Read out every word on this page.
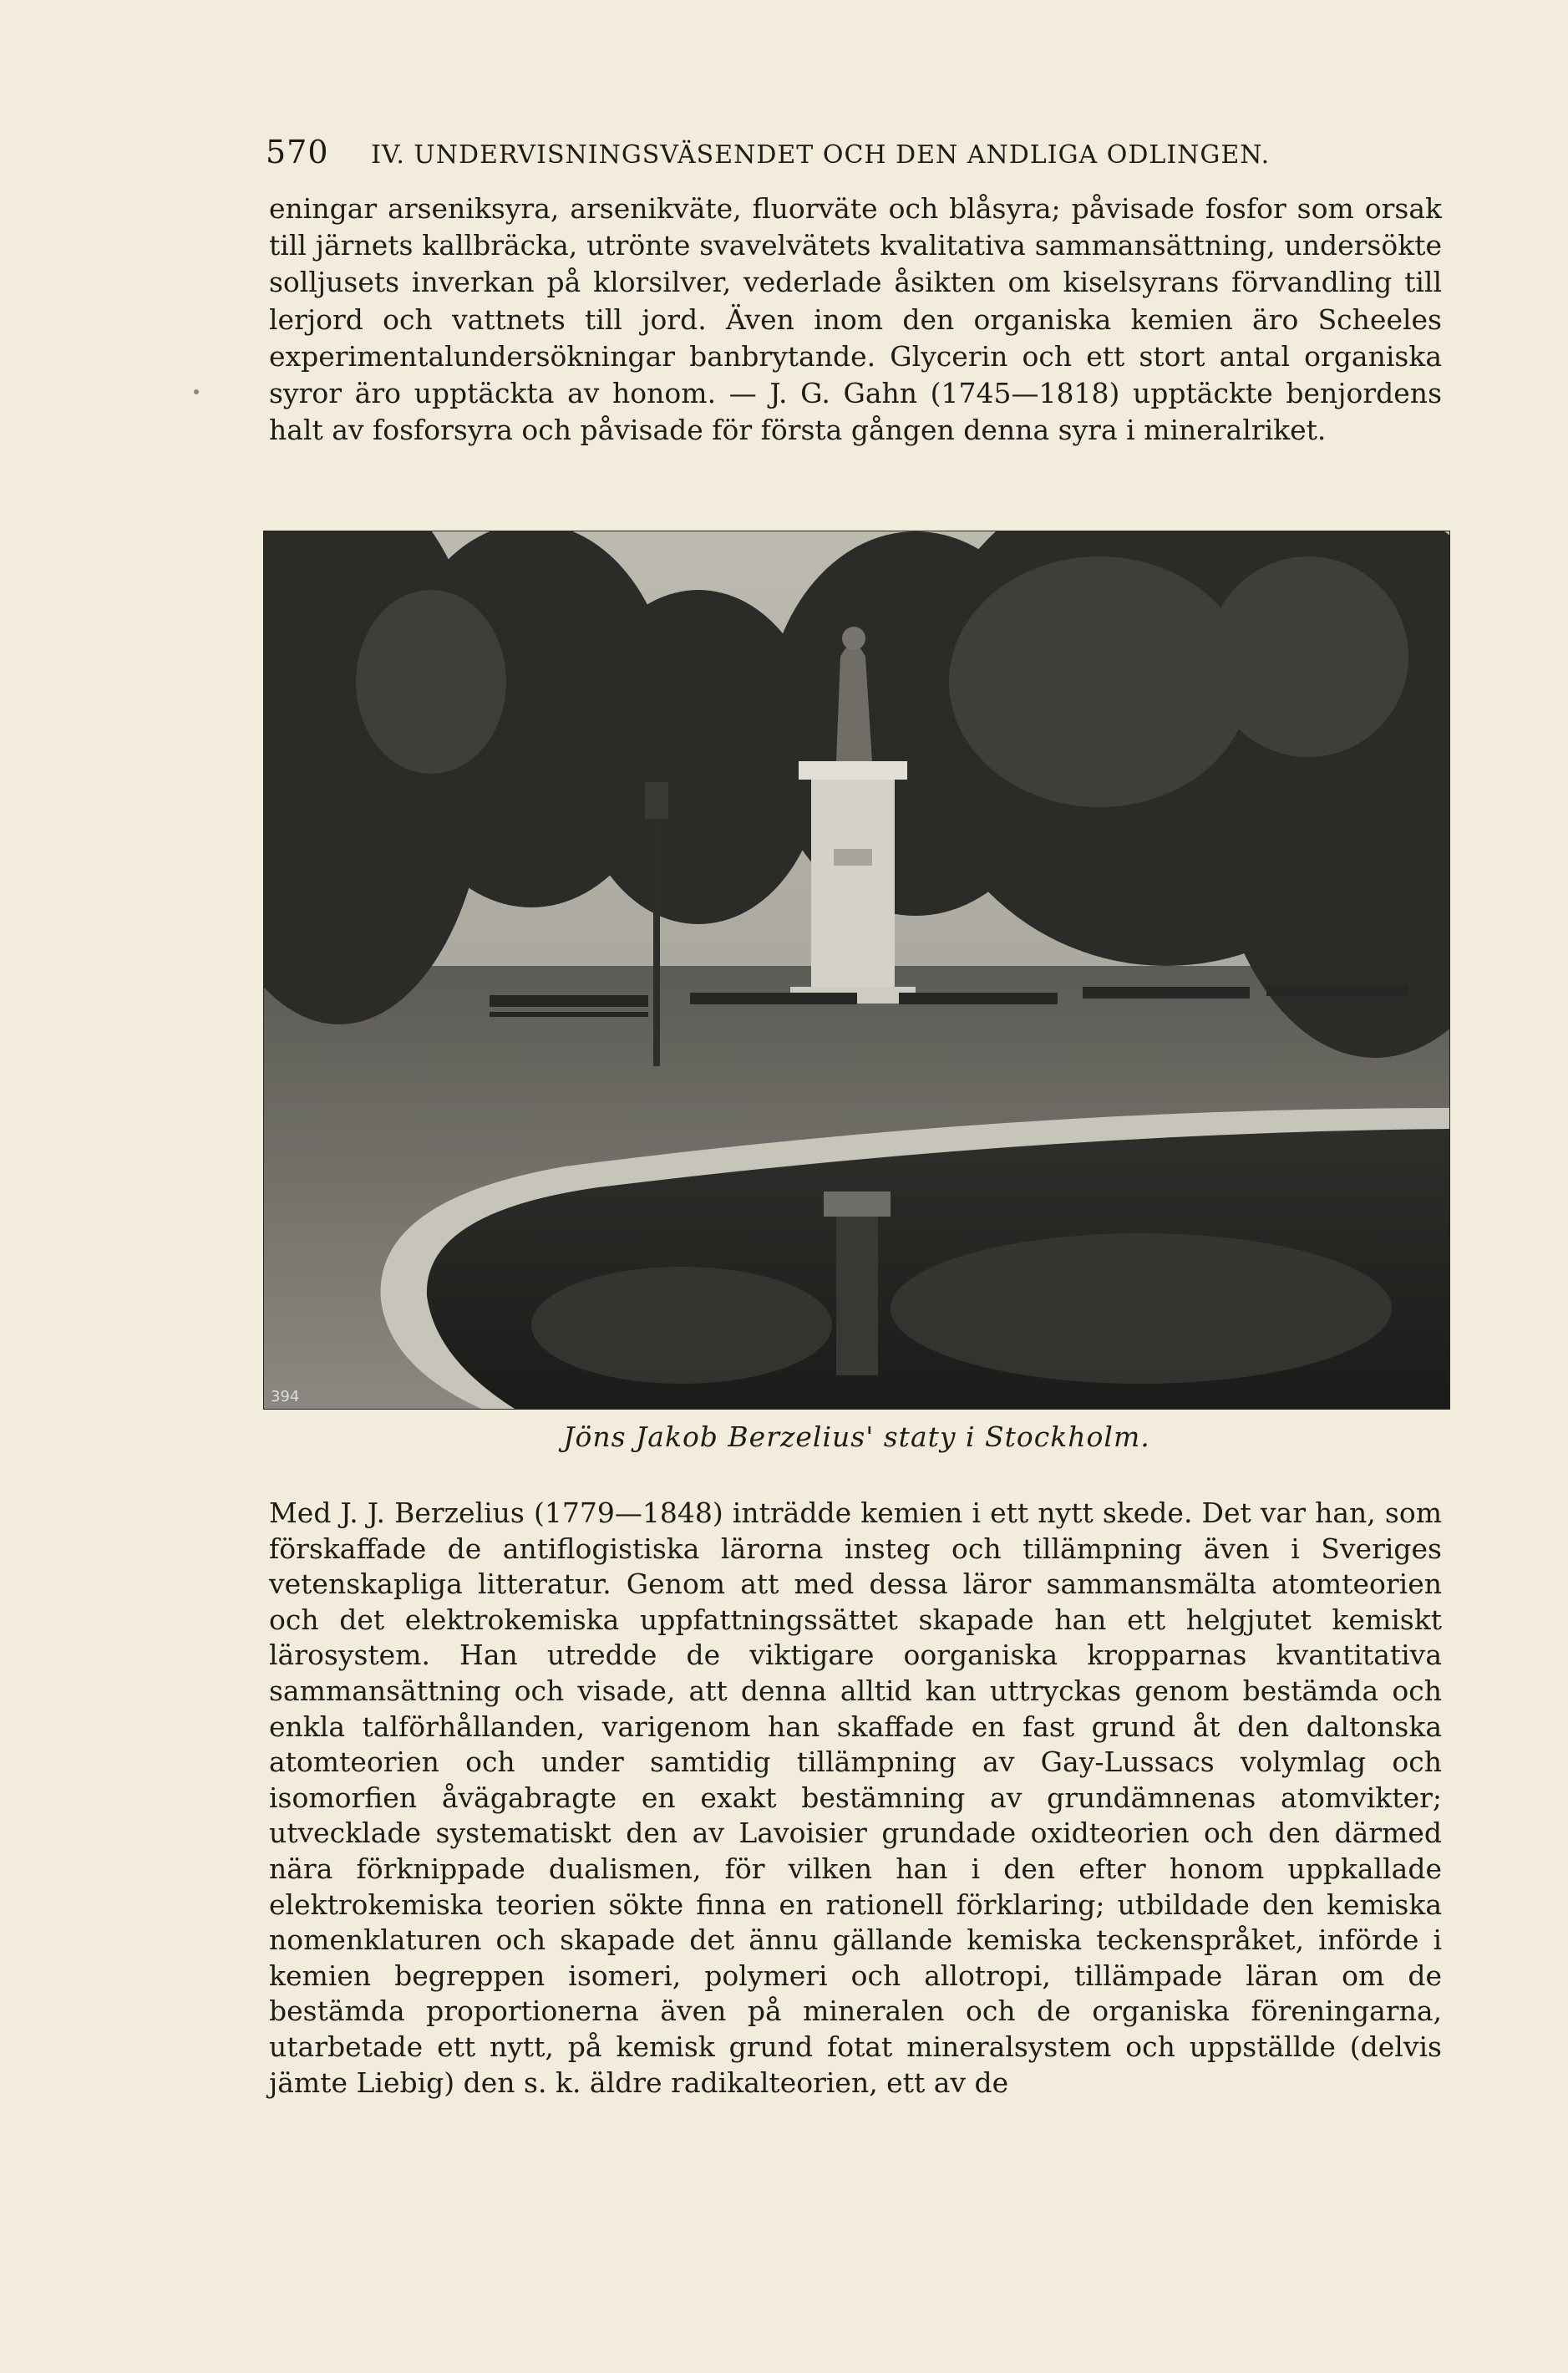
570 IV. UNDERVISNINGSVÄSENDET OCH DEN ANDLIGA ODLINGEN.
eningar arseniksyra, arsenikväte, fluorväte och blåsyra; påvisade fosfor som orsak till järnets kallbräcka, utrönte svavelvätets kvalitativa sammansättning, undersökte solljusets inverkan på klorsilver, vederlade åsikten om kiselsyrans förvandling till lerjord och vattnets till jord. Även inom den organiska kemien äro Scheeles experimentalundersökningar banbrytande. Glycerin och ett stort antal organiska syror äro upptäckta av honom. — J. G. Gahn (1745—1818) upptäckte benjordens halt av fosforsyra och påvisade för första gången denna syra i mineralriket.
394
Jöns Jakob Berzelius' staty i Stockholm.
Med J. J. Berzelius (1779—1848) inträdde kemien i ett nytt skede. Det var han, som förskaffade de antiflogistiska lärorna insteg och tillämpning även i Sveriges vetenskapliga litteratur. Genom att med dessa läror sammansmälta atomteorien och det elektrokemiska uppfattningssättet skapade han ett helgjutet kemiskt lärosystem. Han utredde de viktigare oorganiska kropparnas kvantitativa sammansättning och visade, att denna alltid kan uttryckas genom bestämda och enkla talförhållanden, varigenom han skaffade en fast grund åt den daltonska atomteorien och under samtidig tillämpning av Gay-Lussacs volymlag och isomorfien åvägabragte en exakt bestämning av grundämnenas atomvikter; utvecklade systematiskt den av Lavoisier grundade oxidteorien och den därmed nära förknippade dualismen, för vilken han i den efter honom uppkallade elektrokemiska teorien sökte finna en rationell förklaring; utbildade den kemiska nomenklaturen och skapade det ännu gällande kemiska teckenspråket, införde i kemien begreppen isomeri, polymeri och allotropi, tillämpade läran om de bestämda proportionerna även på mineralen och de organiska föreningarna, utarbetade ett nytt, på kemisk grund fotat mineralsystem och uppställde (delvis jämte Liebig) den s. k. äldre radikalteorien, ett av de
